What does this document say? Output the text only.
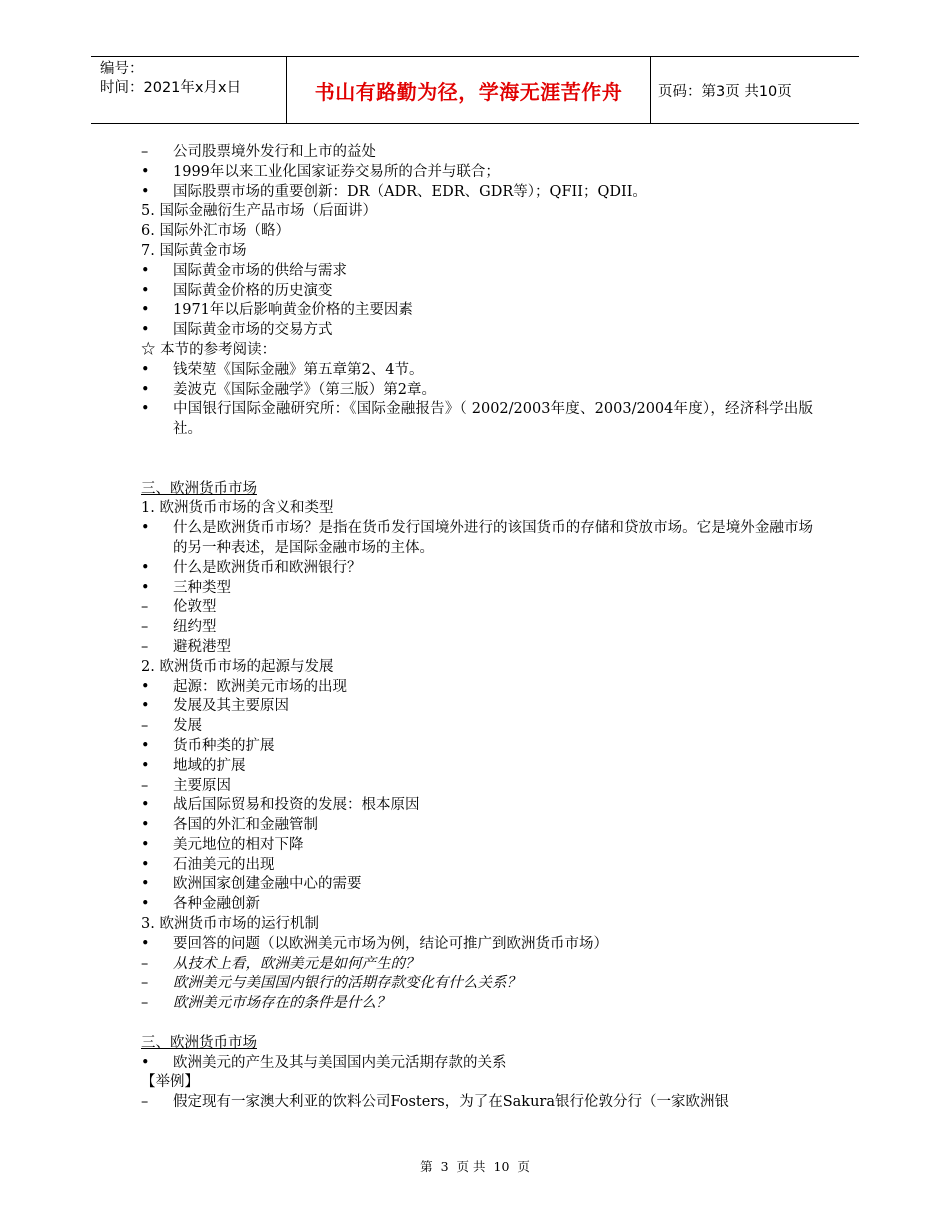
编号：
时间：2021年x月x日	书山有路勤为径，学海无涯苦作舟	页码：第3页 共10页
–	公司股票境外发行和上市的益处
•	1999年以来工业化国家证券交易所的合并与联合；
•	国际股票市场的重要创新：DR（ADR、EDR、GDR等）；QFII；QDII。
5. 国际金融衍生产品市场（后面讲）
6. 国际外汇市场（略）
7. 国际黄金市场
•	国际黄金市场的供给与需求
•	国际黄金价格的历史演变
•	1971年以后影响黄金价格的主要因素
•	国际黄金市场的交易方式
☆ 本节的参考阅读：
•	钱荣堃《国际金融》第五章第2、4节。
•	姜波克《国际金融学》（第三版）第2章。
•	中国银行国际金融研究所：《国际金融报告》（ 2002/2003年度、2003/2004年度），经济科学出版社。
三、欧洲货币市场
1. 欧洲货币市场的含义和类型
•	什么是欧洲货币市场？是指在货币发行国境外进行的该国货币的存储和贷放市场。它是境外金融市场的另一种表述，是国际金融市场的主体。
•	什么是欧洲货币和欧洲银行？
•	三种类型
–	伦敦型
–	纽约型
–	避税港型
2. 欧洲货币市场的起源与发展
•	起源：欧洲美元市场的出现
•	发展及其主要原因
–	发展
•	货币种类的扩展
•	地域的扩展
–	主要原因
•	战后国际贸易和投资的发展：根本原因
•	各国的外汇和金融管制
•	美元地位的相对下降
•	石油美元的出现
•	欧洲国家创建金融中心的需要
•	各种金融创新
3. 欧洲货币市场的运行机制
•	要回答的问题（以欧洲美元市场为例，结论可推广到欧洲货币市场）
–	从技术上看，欧洲美元是如何产生的？
–	欧洲美元与美国国内银行的活期存款变化有什么关系？
–	欧洲美元市场存在的条件是什么？
三、欧洲货币市场
•	欧洲美元的产生及其与美国国内美元活期存款的关系
【举例】
–	假定现有一家澳大利亚的饮料公司Fosters，为了在Sakura银行伦敦分行（一家欧洲银
第 3 页 共 10 页
